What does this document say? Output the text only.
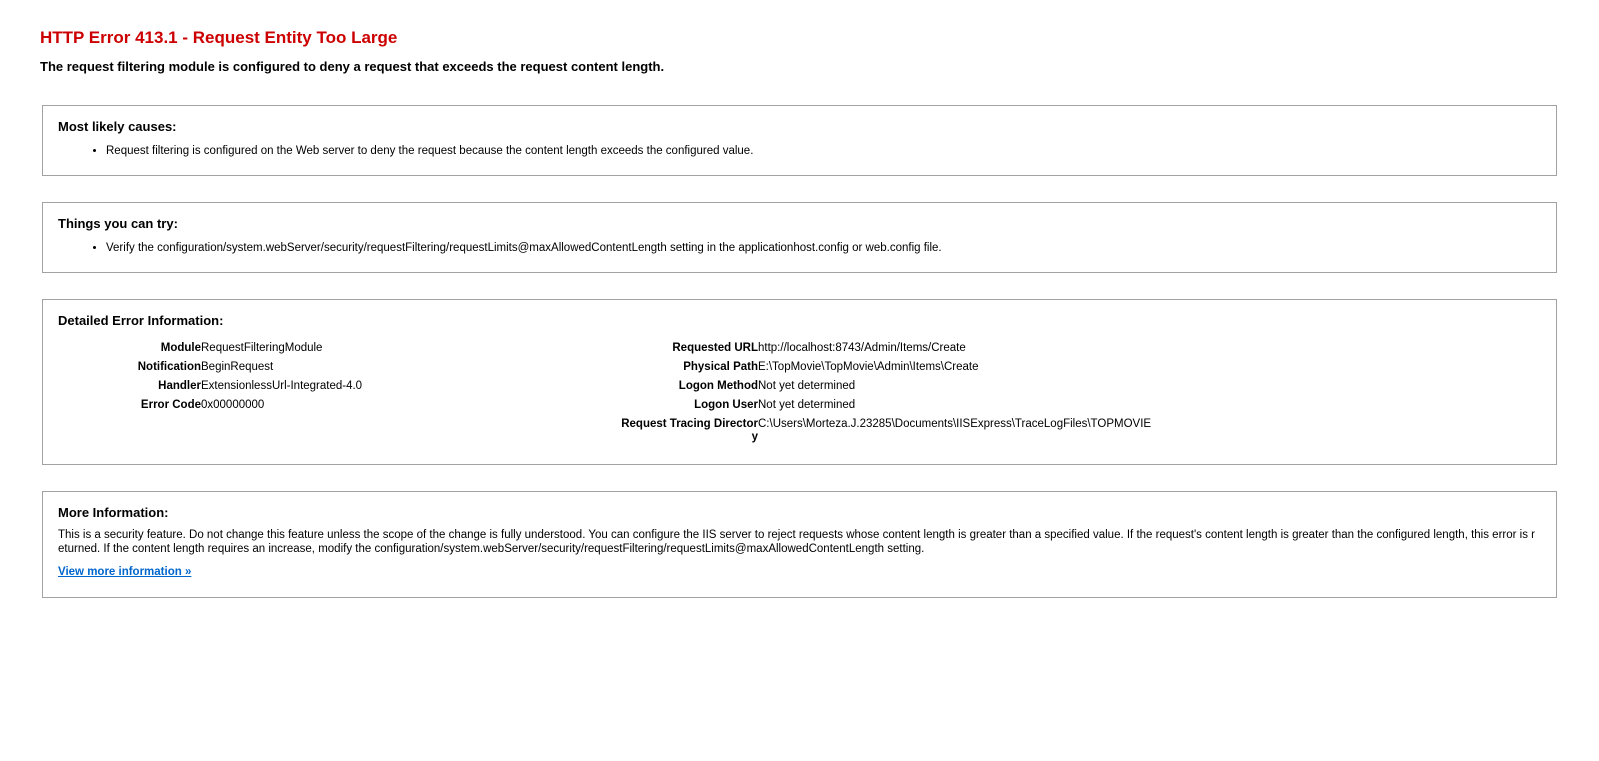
HTTP Error 413.1 - Request Entity Too Large
The request filtering module is configured to deny a request that exceeds the request content length.
Most likely causes:
• Request filtering is configured on the Web server to deny the request because the content length exceeds the configured value.
Things you can try:
• Verify the configuration/system.webServer/security/requestFiltering/requestLimits@maxAllowedContentLength setting in the applicationhost.config or web.config file.
Detailed Error Information:
Module	RequestFilteringModule
Notification	BeginRequest
Handler	ExtensionlessUrl-Integrated-4.0
Error Code	0x00000000
Requested URL	http://localhost:8743/Admin/Items/Create
Physical Path	E:\TopMovie\TopMovie\Admin\Items\Create
Logon Method	Not yet determined
Logon User	Not yet determined
Request Tracing Directory	C:\Users\Morteza.J.23285\Documents\IISExpress\TraceLogFiles\TOPMOVIE
More Information:

This is a security feature. Do not change this feature unless the scope of the change is fully understood. You can configure the IIS server to reject requests whose content length is greater than a specified value. If the request's content length is greater than the configured length, this error is returned. If the content length requires an increase, modify the configuration/system.webServer/security/requestFiltering/requestLimits@maxAllowedContentLength setting.

View more information »
